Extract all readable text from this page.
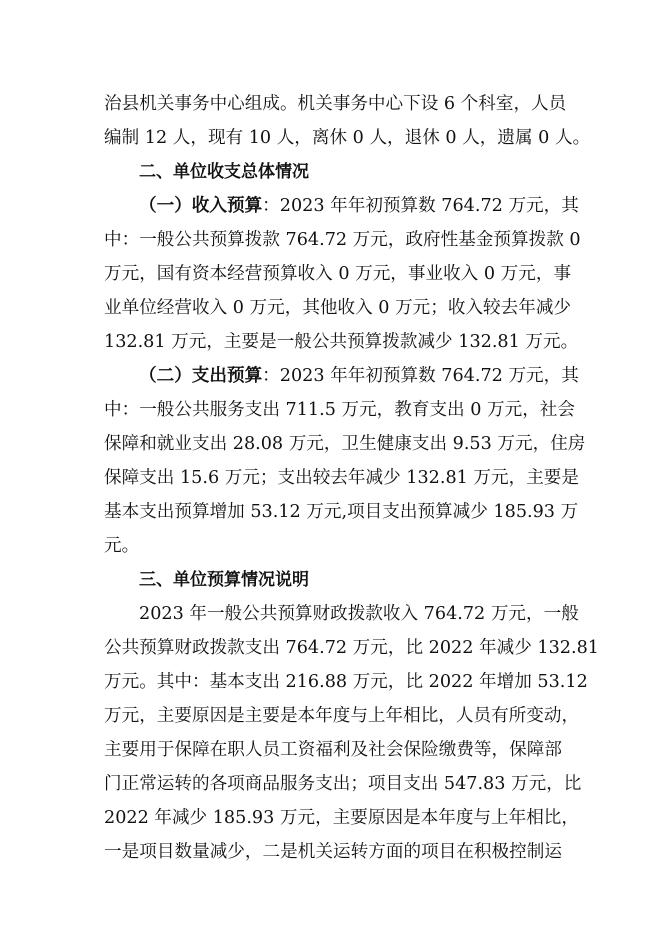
治县机关事务中心组成。机关事务中心下设 6 个科室，人员

编制 12 人，现有 10 人，离休 0 人，退休 0 人，遗属 0 人。

二、单位收支总体情况

（一）收入预算：2023 年年初预算数 764.72 万元，其

中：一般公共预算拨款 764.72 万元，政府性基金预算拨款 0

万元，国有资本经营预算收入 0 万元，事业收入 0 万元，事

业单位经营收入 0 万元，其他收入 0 万元；收入较去年减少

132.81 万元，主要是一般公共预算拨款减少 132.81 万元。

（二）支出预算：2023 年年初预算数 764.72 万元，其

中：一般公共服务支出 711.5 万元，教育支出 0 万元，社会

保障和就业支出 28.08 万元，卫生健康支出 9.53 万元，住房

保障支出 15.6 万元；支出较去年减少 132.81 万元，主要是

基本支出预算增加 53.12 万元,项目支出预算减少 185.93 万

元。

三、单位预算情况说明

2023 年一般公共预算财政拨款收入 764.72 万元，一般

公共预算财政拨款支出 764.72 万元，比 2022 年减少 132.81

万元。其中：基本支出 216.88 万元，比 2022 年增加 53.12

万元，主要原因是主要是本年度与上年相比，人员有所变动，

主要用于保障在职人员工资福利及社会保险缴费等，保障部

门正常运转的各项商品服务支出；项目支出 547.83 万元，比

2022 年减少 185.93 万元，主要原因是本年度与上年相比，

一是项目数量减少，二是机关运转方面的项目在积极控制运
